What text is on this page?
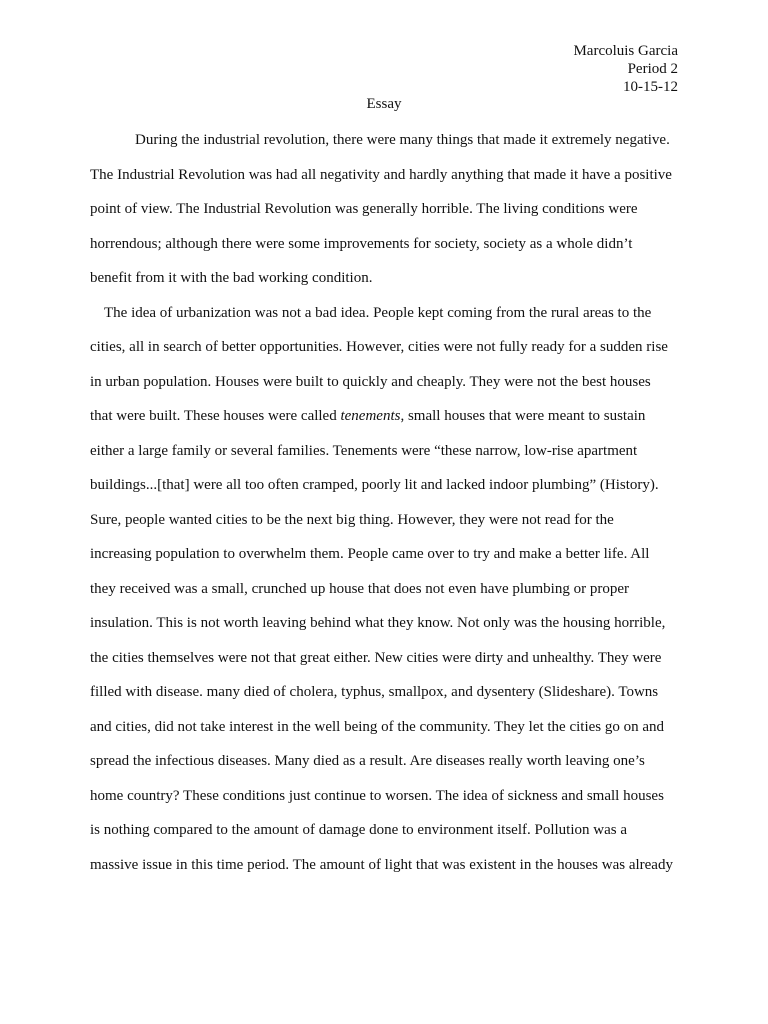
Marcoluis Garcia
Period 2
10-15-12
Essay
During the industrial revolution, there were many things that made it extremely negative.
The Industrial Revolution was had all negativity and hardly anything that made it have a positive
point of view. The Industrial Revolution was generally horrible. The living conditions were
horrendous; although there were some improvements for society, society as a whole didn’t
benefit from it with the bad working condition.
The idea of urbanization was not a bad idea. People kept coming from the rural areas to the
cities, all in search of better opportunities. However, cities were not fully ready for a sudden rise
in urban population. Houses were built to quickly and cheaply. They were not the best houses
that were built. These houses were called tenements, small houses that were meant to sustain
either a large family or several families. Tenements were “these narrow, low-rise apartment
buildings...[that] were all too often cramped, poorly lit and lacked indoor plumbing” (History).
Sure, people wanted cities to be the next big thing. However, they were not read for the
increasing population to overwhelm them. People came over to try and make a better life. All
they received was a small, crunched up house that does not even have plumbing or proper
insulation. This is not worth leaving behind what they know. Not only was the housing horrible,
the cities themselves were not that great either. New cities were dirty and unhealthy. They were
filled with disease. many died of cholera, typhus, smallpox, and dysentery (Slideshare). Towns
and cities, did not take interest in the well being of the community. They let the cities go on and
spread the infectious diseases. Many died as a result. Are diseases really worth leaving one’s
home country? These conditions just continue to worsen. The idea of sickness and small houses
is nothing compared to the amount of damage done to environment itself. Pollution was a
massive issue in this time period. The amount of light that was existent in the houses was already
